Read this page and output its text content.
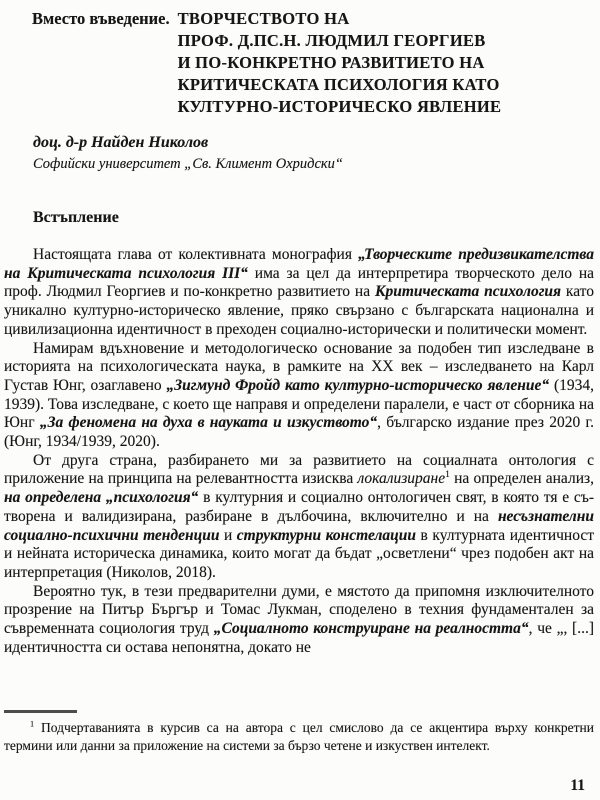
Вместо въведение. ТВОРЧЕСТВОТО НА
ПРОФ. Д.ПС.Н. ЛЮДМИЛ ГЕОРГИЕВ
И ПО-КОНКРЕТНО РАЗВИТИЕТО НА
КРИТИЧЕСКАТА ПСИХОЛОГИЯ КАТО
КУЛТУРНО-ИСТОРИЧЕСКО ЯВЛЕНИЕ
доц. д-р Найден Николов
Софийски университет „Св. Климент Охридски“
Встъпление

Настоящата глава от колективната монография „Творческите предизвикателства на Критическата психология III“ има за цел да интерпретира творческото дело на проф. Людмил Георгиев и по-конкретно развитието на Критическата психология като уникално културно-историческо явление, пряко свързано с българската национална и цивилизационна идентичност в преходен социално-исторически и политически момент.

Намирам вдъхновение и методологическо основание за подобен тип изследване в историята на психологическата наука, в рамките на XX век – изследването на Карл Густав Юнг, озаглавено „Зигмунд Фройд като културно-историческо явление“ (1934, 1939). Това изследване, с което ще направя и определени паралели, е част от сборника на Юнг „За феномена на духа в науката и изкуството“, българско издание през 2020 г. (Юнг, 1934/1939, 2020).

От друга страна, разбирането ми за развитието на социалната онтология с приложение на принципа на релевантността изисква локализиране$^1$ на определен анализ, на определена „психология“ в културния и социално онтологичен свят, в която тя е съ-творена и валидизирана, разбиране в дълбочина, включително и на несъзнателни социално-психични тенденции и структурни констелации в културната идентичност и нейната историческа динамика, които могат да бъдат „осветлени“ чрез подобен акт на интерпретация (Николов, 2018).

Вероятно тук, в тези предварителни думи, е мястото да припомня изключителното прозрение на Питър Бъргър и Томас Лукман, споделено в техния фундаментален за съвременната социология труд „Социалното конструиране на реалността“, че „, [...] идентичността си остава непонятна, докато не

$^1$ Подчертаванията в курсив са на автора с цел смислово да се акцентира върху конкретни термини или данни за приложение на системи за бързо четене и изкуствен интелект.

11
